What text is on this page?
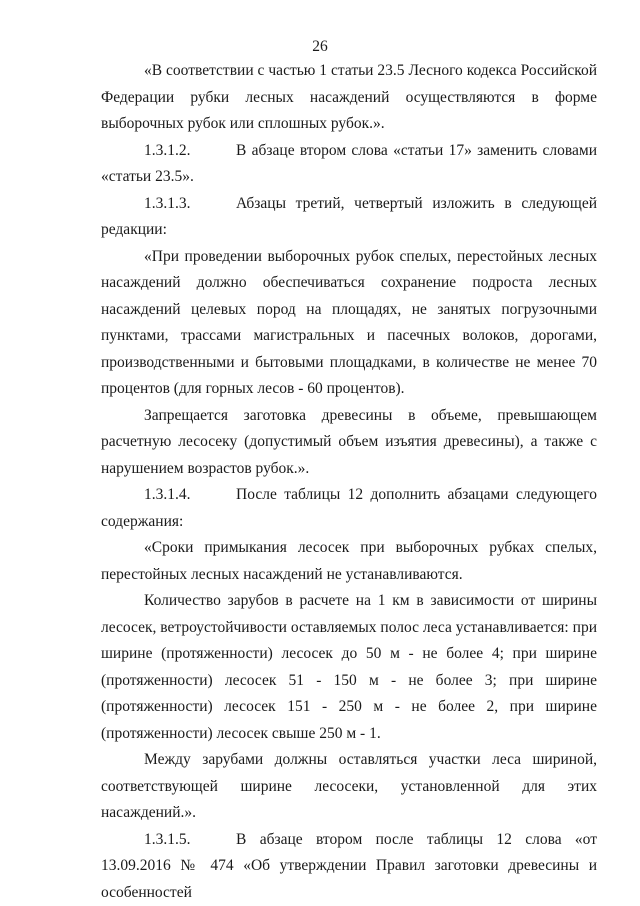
26

«В соответствии с частью 1 статьи 23.5 Лесного кодекса Российской Федерации рубки лесных насаждений осуществляются в форме выборочных рубок или сплошных рубок.».

1.3.1.2.	В абзаце втором слова «статьи 17» заменить словами «статьи 23.5».

1.3.1.3.	Абзацы третий, четвертый изложить в следующей редакции:

«При проведении выборочных рубок спелых, перестойных лесных насаждений должно обеспечиваться сохранение подроста лесных насаждений целевых пород на площадях, не занятых погрузочными пунктами, трассами магистральных и пасечных волоков, дорогами, производственными и бытовыми площадками, в количестве не менее 70 процентов (для горных лесов - 60 процентов).

Запрещается заготовка древесины в объеме, превышающем расчетную лесосеку (допустимый объем изъятия древесины), а также с нарушением возрастов рубок.».

1.3.1.4.	После таблицы 12 дополнить абзацами следующего содержания:

«Сроки примыкания лесосек при выборочных рубках спелых, перестойных лесных насаждений не устанавливаются.

Количество зарубов в расчете на 1 км в зависимости от ширины лесосек, ветроустойчивости оставляемых полос леса устанавливается: при ширине (протяженности) лесосек до 50 м - не более 4; при ширине (протяженности) лесосек 51 - 150 м - не более 3; при ширине (протяженности) лесосек 151 - 250 м - не более 2, при ширине (протяженности) лесосек свыше 250 м - 1.

Между зарубами должны оставляться участки леса шириной, соответствующей ширине лесосеки, установленной для этих насаждений.».

1.3.1.5.	В абзаце втором после таблицы 12 слова «от 13.09.2016 № 474 «Об утверждении Правил заготовки древесины и особенностей
